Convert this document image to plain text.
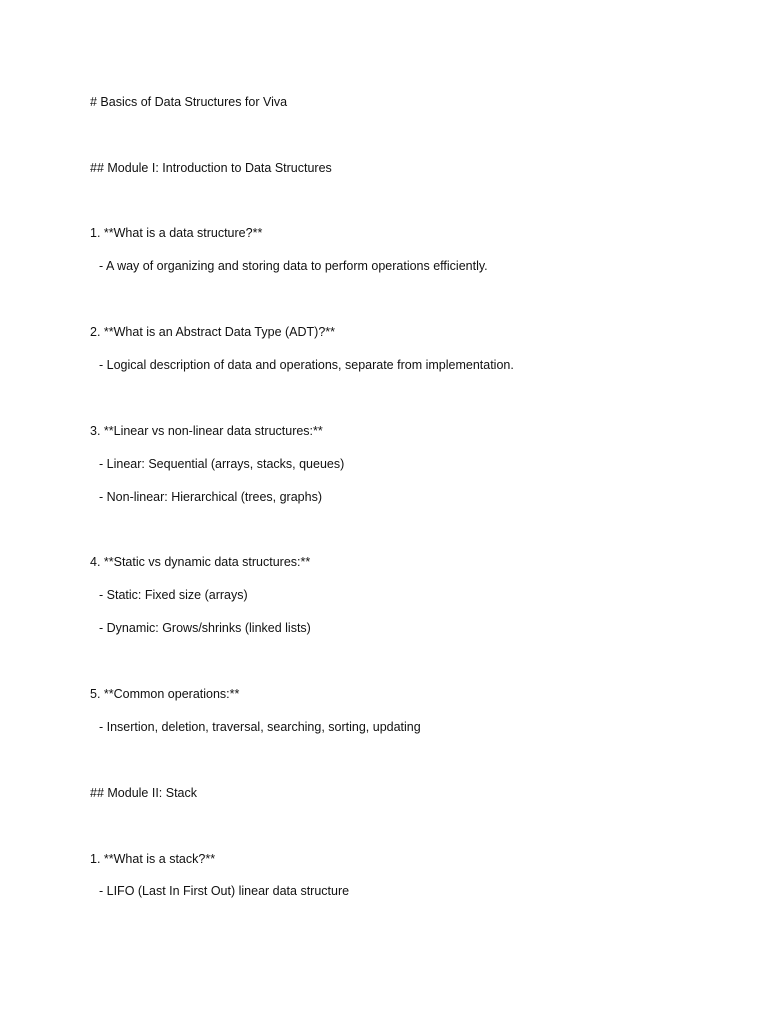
# Basics of Data Structures for Viva
## Module I: Introduction to Data Structures
1. **What is a data structure?**
- A way of organizing and storing data to perform operations efficiently.
2. **What is an Abstract Data Type (ADT)?**
- Logical description of data and operations, separate from implementation.
3. **Linear vs non-linear data structures:**
- Linear: Sequential (arrays, stacks, queues)
- Non-linear: Hierarchical (trees, graphs)
4. **Static vs dynamic data structures:**
- Static: Fixed size (arrays)
- Dynamic: Grows/shrinks (linked lists)
5. **Common operations:**
- Insertion, deletion, traversal, searching, sorting, updating
## Module II: Stack
1. **What is a stack?**
- LIFO (Last In First Out) linear data structure
